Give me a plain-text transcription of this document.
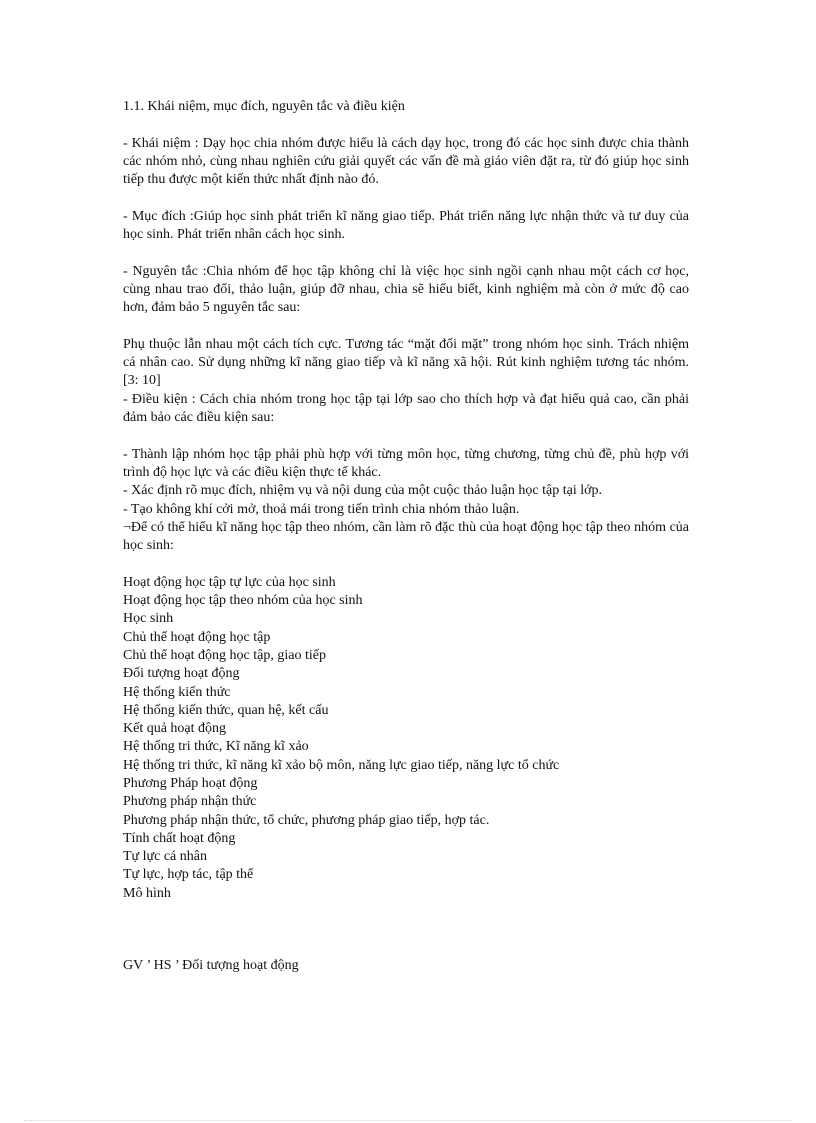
1.1. Khái niệm, mục đích, nguyên tắc và điều kiện

- Khái niệm : Dạy học chia nhóm được hiểu là cách dạy học, trong đó các học sinh được chia thành các nhóm nhỏ, cùng nhau nghiên cứu giải quyết các vấn đề mà giáo viên đặt ra, từ đó giúp học sinh tiếp thu được một kiến thức nhất định nào đó.

- Mục đích :Giúp học sinh phát triển kĩ năng giao tiếp. Phát triển năng lực nhận thức và tư duy của học sinh. Phát triển nhân cách học sinh.

- Nguyên tắc :Chia nhóm để học tập không chỉ là việc học sinh ngồi cạnh nhau một cách cơ học, cùng nhau trao đổi, thảo luận, giúp đỡ nhau, chia sẽ hiểu biết, kinh nghiệm mà còn ở mức độ cao hơn, đảm bảo 5 nguyên tắc sau:

Phụ thuộc lẫn nhau một cách tích cực. Tương tác “mặt đối mặt” trong nhóm học sinh. Trách nhiệm cá nhân cao. Sử dụng những kĩ năng giao tiếp và kĩ năng xã hội. Rút kinh nghiệm tương tác nhóm. [3: 10]

- Điều kiện : Cách chia nhóm trong học tập tại lớp sao cho thích hợp và đạt hiểu quả cao, cần phải đảm bảo các điều kiện sau:

- Thành lập nhóm học tập phải phù hợp với từng môn học, từng chương, từng chủ đề, phù hợp với trình độ học lực và các điều kiện thực tế khác.

- Xác định rõ mục đích, nhiệm vụ và nội dung của một cuộc thảo luận học tập tại lớp.

- Tạo không khí cởi mở, thoả mái trong tiến trình chia nhóm thảo luận.

¬Để có thể hiểu kĩ năng học tập theo nhóm, cần làm rõ đặc thù của hoạt động học tập theo nhóm của học sinh:

Hoạt động học tập tự lực của học sinh

Hoạt động học tập theo nhóm của học sinh

Học sinh

Chủ thể hoạt động học tập

Chủ thể hoạt động học tập, giao tiếp

Đối tượng hoạt động

Hệ thống kiến thức

Hệ thống kiến thức, quan hệ, kết cấu

Kết quả hoạt động

Hệ thống tri thức, Kĩ năng kĩ xảo

Hệ thống tri thức, kĩ năng kĩ xảo bộ môn, năng lực giao tiếp, năng lực tổ chức

Phương Pháp hoạt động

Phương pháp nhận thức

Phương pháp nhận thức, tổ chức, phương pháp giao tiếp, hợp tác.

Tính chất hoạt động

Tự lực cá nhân

Tự lực, hợp tác, tập thể

Mô hình

GV ’ HS ’ Đối tượng hoạt động
